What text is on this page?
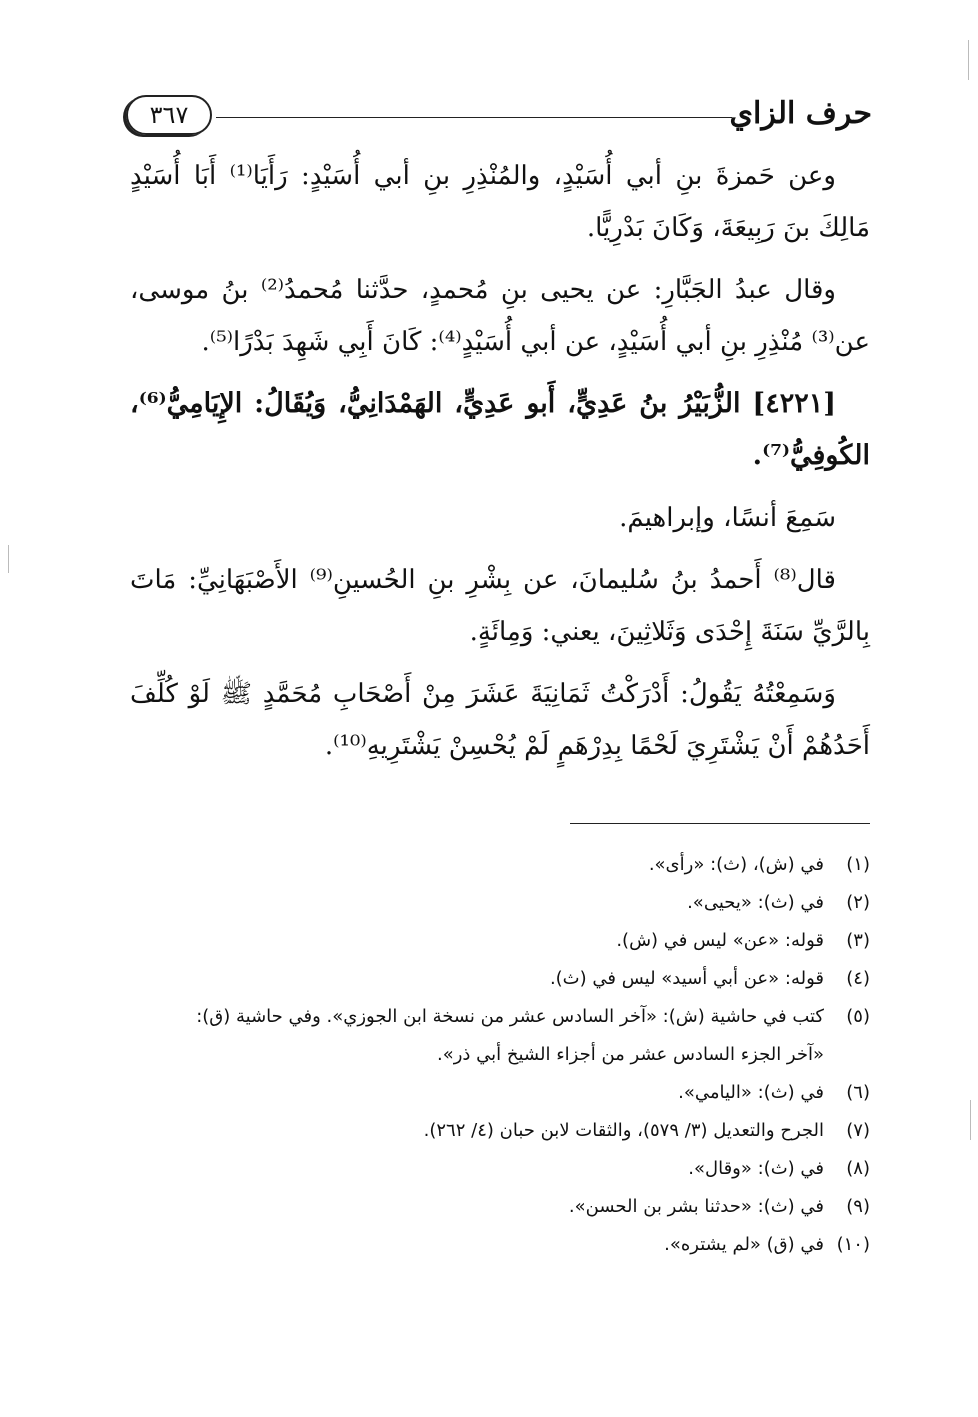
حرف الزاي
٣٦٧

وعن حَمزةَ بنِ أبي أُسَيْدٍ، والمُنْذِرِ بنِ أبي أُسَيْدٍ: رَأَيَا⁽¹⁾ أَبَا أُسَيْدٍ مَالِكَ بنَ رَبِيعَةَ، وَكَانَ بَدْرِيًّا.

وقال عبدُ الجَبَّارِ: عن يحيى بنِ مُحمدٍ، حدَّثنا مُحمدُ⁽²⁾ بنُ موسى، عن⁽³⁾ مُنْذِرِ بنِ أبي أُسَيْدٍ، عن أبي أُسَيْدٍ⁽⁴⁾: كَانَ أَبِي شَهِدَ بَدْرًا⁽⁵⁾.

[٤٢٢١] الزُّبَيْرُ بنُ عَدِيٍّ، أَبو عَدِيٍّ، الهَمْدَانِيُّ، وَيُقَالُ: الإِيَامِيُّ⁽⁶⁾، الكُوفِيُّ⁽⁷⁾.

سَمِعَ أنسًا، وإبراهيمَ.

قال⁽⁸⁾ أَحمدُ بنُ سُليمانَ، عن بِشْرِ بنِ الحُسينِ⁽⁹⁾ الأَصْبَهَانِيِّ: مَاتَ بِالرَّيِّ سَنَةَ إِحْدَى وَثَلاثِينَ، يعني: وَمِائَةٍ.

وَسَمِعْتُهُ يَقُولُ: أَدْرَكْتُ ثَمَانِيَةَ عَشَرَ مِنْ أَصْحَابِ مُحَمَّدٍ ﷺ لَوْ كُلِّفَ أَحَدُهُمْ أَنْ يَشْتَرِيَ لَحْمًا بِدِرْهَمٍ لَمْ يُحْسِنْ يَشْتَرِيهِ⁽¹⁰⁾.

(١)في (ش)، (ث): «رأى».

(٢)في (ث): «يحيى».

(٣)قوله: «عن» ليس في (ش).

(٤)قوله: «عن أبي أسيد» ليس في (ث).

(٥)كتب في حاشية (ش): «آخر السادس عشر من نسخة ابن الجوزي». وفي حاشية (ق):

«آخر الجزء السادس عشر من أجزاء الشيخ أبي ذر».

(٦)في (ث): «اليامي».

(٧)الجرح والتعديل (٣/ ٥٧٩)، والثقات لابن حبان (٤/ ٢٦٢).

(٨)في (ث): «وقال».

(٩)في (ث): «حدثنا بشر بن الحسن».

(١٠)في (ق) «لم يشتره».
